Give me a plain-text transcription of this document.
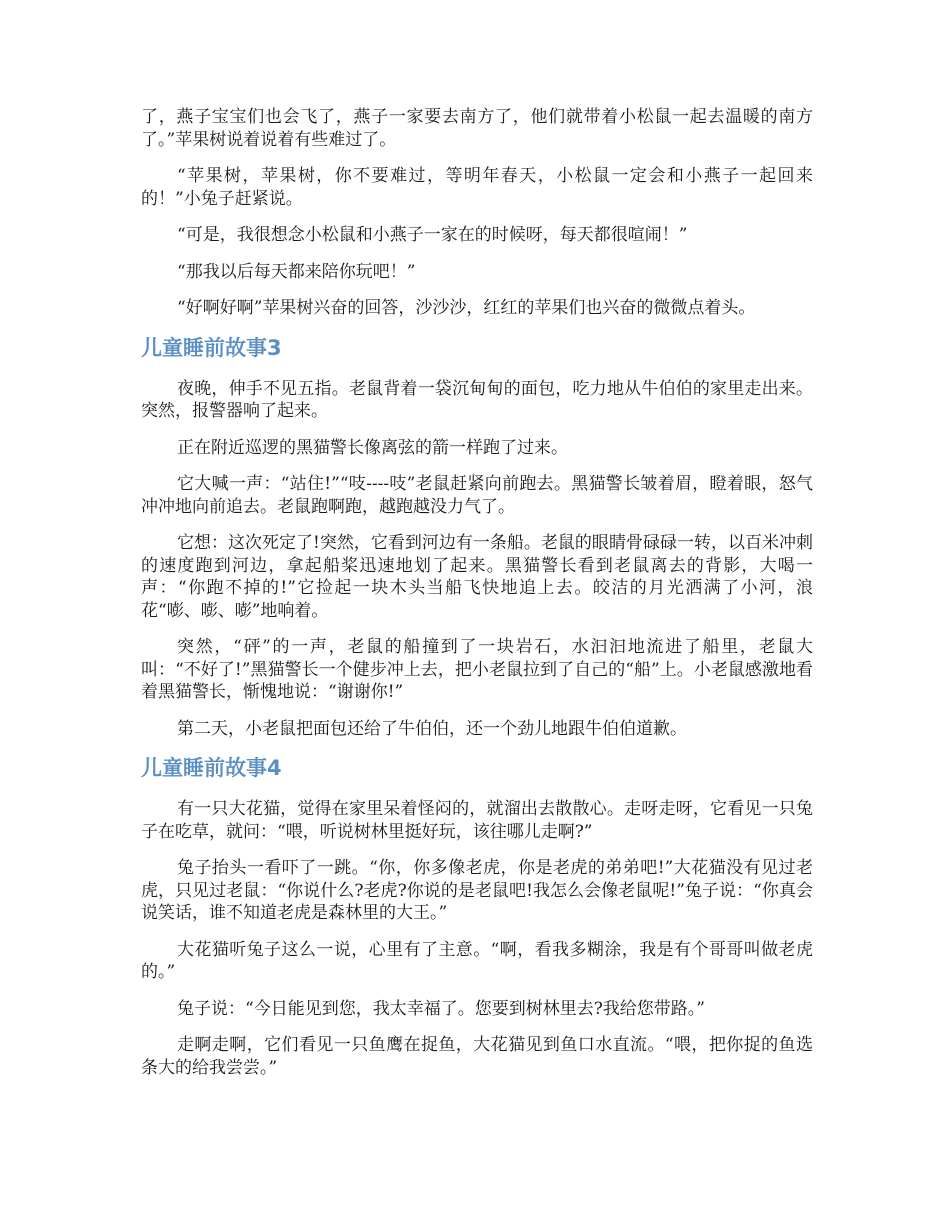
了，燕子宝宝们也会飞了，燕子一家要去南方了，他们就带着小松鼠一起去温暖的南方了。”苹果树说着说着有些难过了。

“苹果树，苹果树，你不要难过，等明年春天，小松鼠一定会和小燕子一起回来的！”小兔子赶紧说。

“可是，我很想念小松鼠和小燕子一家在的时候呀，每天都很喧闹！”

“那我以后每天都来陪你玩吧！”

“好啊好啊”苹果树兴奋的回答，沙沙沙，红红的苹果们也兴奋的微微点着头。

儿童睡前故事3

夜晚，伸手不见五指。老鼠背着一袋沉甸甸的面包，吃力地从牛伯伯的家里走出来。突然，报警器响了起来。

正在附近巡逻的黑猫警长像离弦的箭一样跑了过来。

它大喊一声：“站住!”“吱----吱”老鼠赶紧向前跑去。黑猫警长皱着眉，瞪着眼，怒气冲冲地向前追去。老鼠跑啊跑，越跑越没力气了。

它想：这次死定了!突然，它看到河边有一条船。老鼠的眼睛骨碌碌一转，以百米冲刺的速度跑到河边，拿起船桨迅速地划了起来。黑猫警长看到老鼠离去的背影，大喝一声：“你跑不掉的!”它捡起一块木头当船飞快地追上去。皎洁的月光洒满了小河，浪花“嘭、嘭、嘭”地响着。

突然，“砰”的一声，老鼠的船撞到了一块岩石，水汩汩地流进了船里，老鼠大叫：“不好了!”黑猫警长一个健步冲上去，把小老鼠拉到了自己的“船”上。小老鼠感激地看着黑猫警长，惭愧地说：“谢谢你!”

第二天，小老鼠把面包还给了牛伯伯，还一个劲儿地跟牛伯伯道歉。

儿童睡前故事4

有一只大花猫，觉得在家里呆着怪闷的，就溜出去散散心。走呀走呀，它看见一只兔子在吃草，就问：“喂，听说树林里挺好玩，该往哪儿走啊?”

兔子抬头一看吓了一跳。“你，你多像老虎，你是老虎的弟弟吧!”大花猫没有见过老虎，只见过老鼠：“你说什么?老虎?你说的是老鼠吧!我怎么会像老鼠呢!”兔子说：“你真会说笑话，谁不知道老虎是森林里的大王。”

大花猫听兔子这么一说，心里有了主意。“啊，看我多糊涂，我是有个哥哥叫做老虎的。”

兔子说：“今日能见到您，我太幸福了。您要到树林里去?我给您带路。”

走啊走啊，它们看见一只鱼鹰在捉鱼，大花猫见到鱼口水直流。“喂，把你捉的鱼选条大的给我尝尝。”
